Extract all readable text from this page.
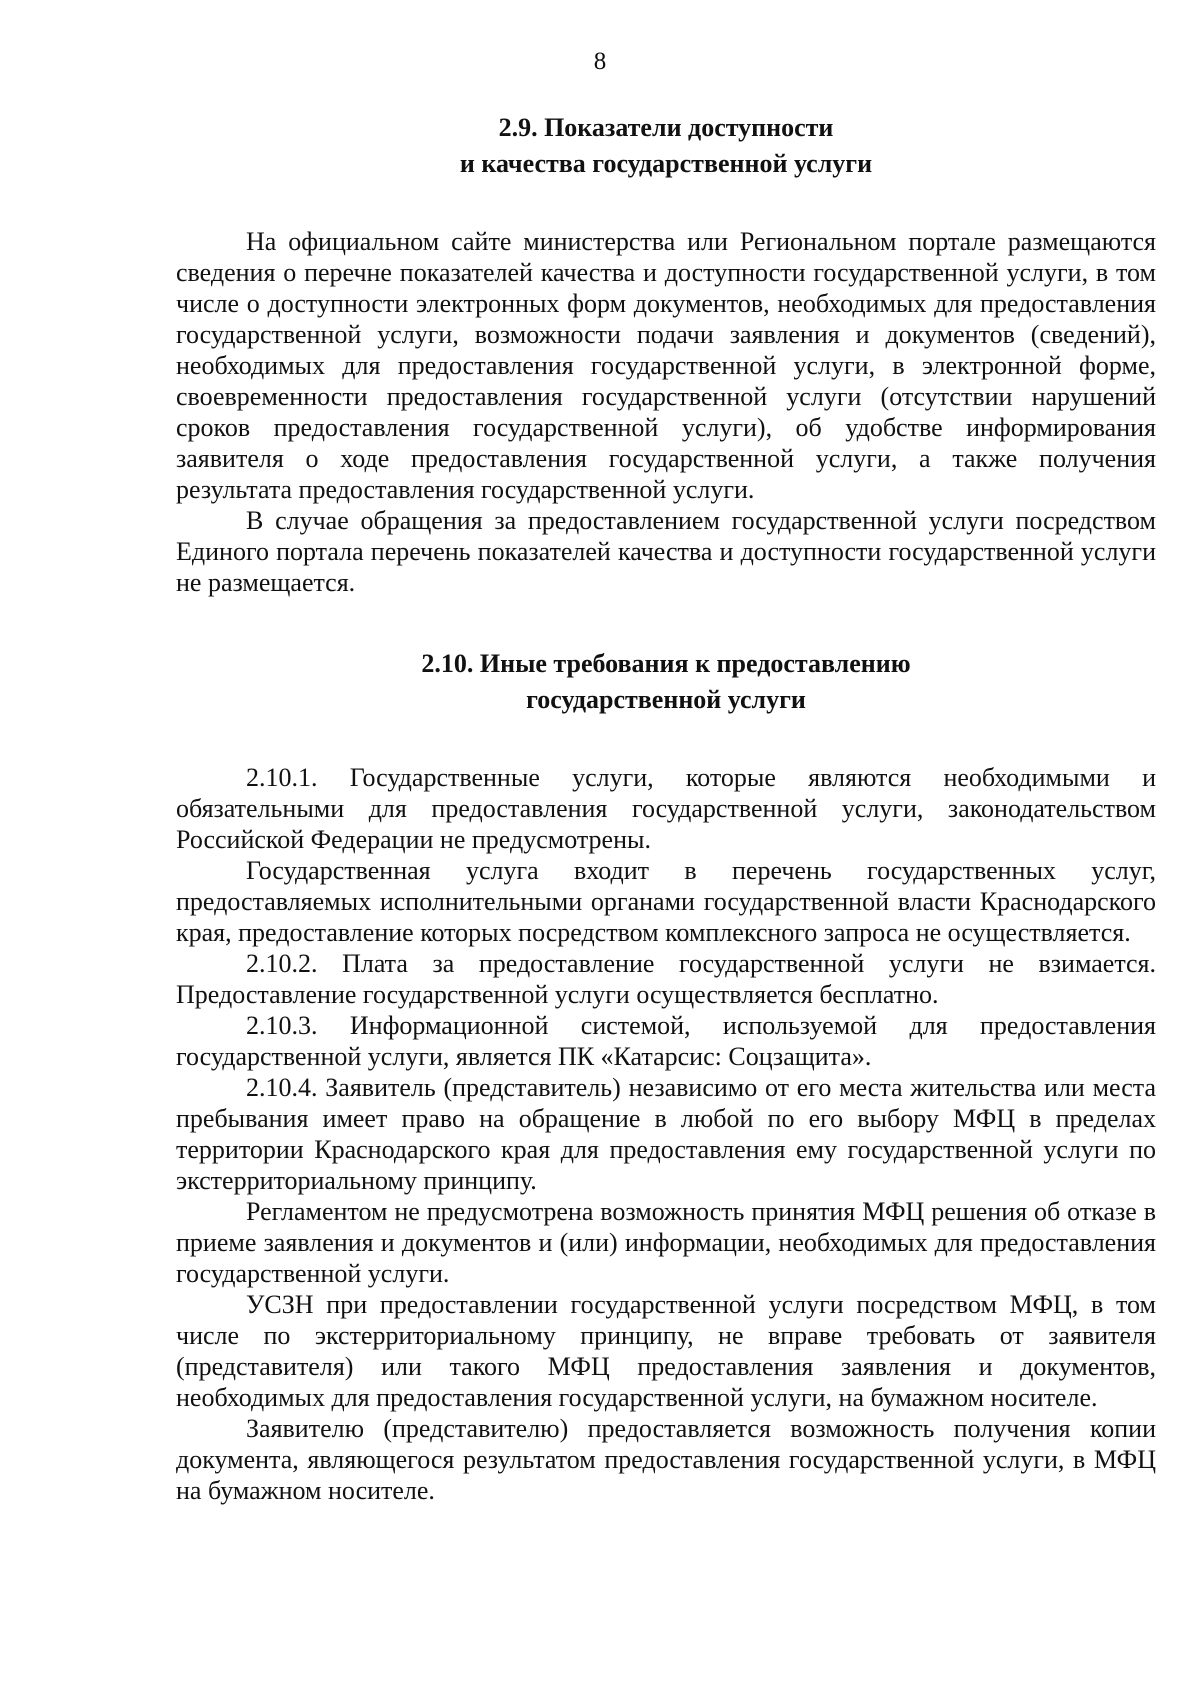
8
2.9. Показатели доступности
и качества государственной услуги

На официальном сайте министерства или Региональном портале размещаются сведения о перечне показателей качества и доступности государственной услуги, в том числе о доступности электронных форм документов, необходимых для предоставления государственной услуги, возможности подачи заявления и документов (сведений), необходимых для предоставления государственной услуги, в электронной форме, своевременности предоставления государственной услуги (отсутствии нарушений сроков предоставления государственной услуги), об удобстве информирования заявителя о ходе предоставления государственной услуги, а также получения результата предоставления государственной услуги.

В случае обращения за предоставлением государственной услуги посредством Единого портала перечень показателей качества и доступности государственной услуги не размещается.

2.10. Иные требования к предоставлению
государственной услуги

2.10.1. Государственные услуги, которые являются необходимыми и обязательными для предоставления государственной услуги, законодательством Российской Федерации не предусмотрены.

Государственная услуга входит в перечень государственных услуг, предоставляемых исполнительными органами государственной власти Краснодарского края, предоставление которых посредством комплексного запроса не осуществляется.

2.10.2. Плата за предоставление государственной услуги не взимается. Предоставление государственной услуги осуществляется бесплатно.

2.10.3. Информационной системой, используемой для предоставления государственной услуги, является ПК «Катарсис: Соцзащита».

2.10.4. Заявитель (представитель) независимо от его места жительства или места пребывания имеет право на обращение в любой по его выбору МФЦ в пределах территории Краснодарского края для предоставления ему государственной услуги по экстерриториальному принципу.

Регламентом не предусмотрена возможность принятия МФЦ решения об отказе в приеме заявления и документов и (или) информации, необходимых для предоставления государственной услуги.

УСЗН при предоставлении государственной услуги посредством МФЦ, в том числе по экстерриториальному принципу, не вправе требовать от заявителя (представителя) или такого МФЦ предоставления заявления и документов, необходимых для предоставления государственной услуги, на бумажном носителе.

Заявителю (представителю) предоставляется возможность получения копии документа, являющегося результатом предоставления государственной услуги, в МФЦ на бумажном носителе.
